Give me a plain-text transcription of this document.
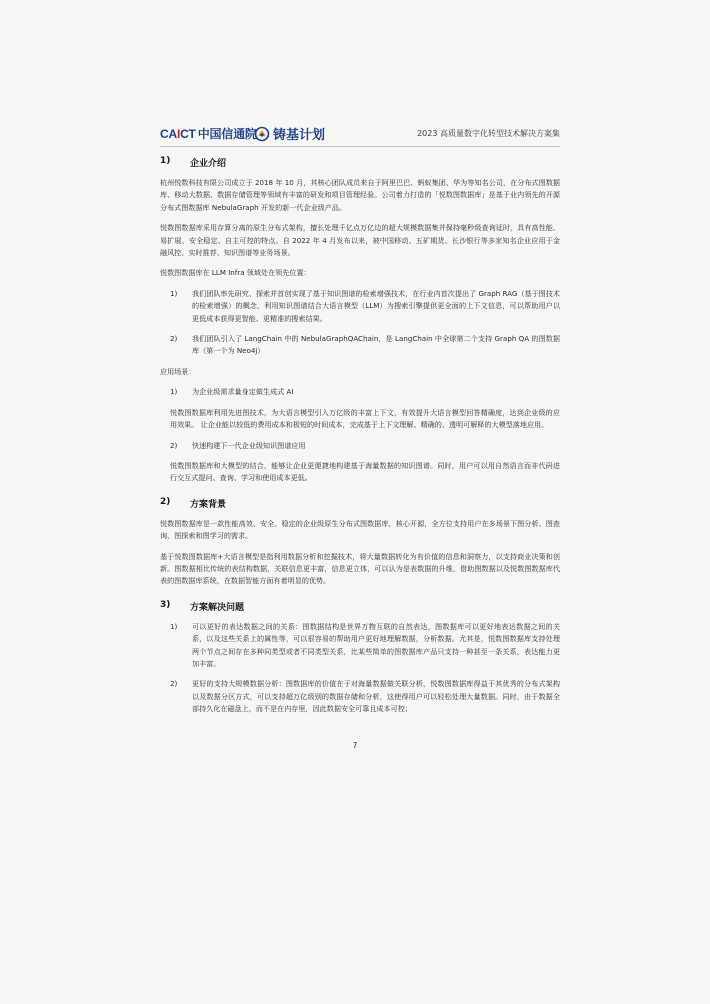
CAICT 中国信通院	铸基计划	2023 高质量数字化转型技术解决方案集
1)	企业介绍

杭州悦数科技有限公司成立于 2018 年 10 月，其核心团队成员来自于阿里巴巴、蚂蚁集团、华为等知名公司，在分布式图数据库、移动大数据、数据存储管理等领域有丰富的研发和项目管理经验。公司着力打造的「悦数图数据库」是基于业内领先的开源分布式图数据库 NebulaGraph 开发的新一代企业级产品。

悦数图数据库采用存算分离的原生分布式架构，擅长处理千亿点万亿边的超大规模数据集并保持毫秒级查询延时，具有高性能、易扩展、安全稳定、自主可控的特点。自 2022 年 4 月发布以来，被中国移动、五矿期货、长沙银行等多家知名企业应用于金融风控、实时推荐、知识图谱等业务场景。

悦数图数据库在 LLM Infra 领域处在领先位置：

1)	我们团队率先研究、探索并首创实现了基于知识图谱的检索增强技术，在行业内首次提出了 Graph RAG（基于图技术的检索增强）的概念，利用知识图谱结合大语言模型（LLM）为搜索引擎提供更全面的上下文信息，可以帮助用户以更低成本获得更智能、更精准的搜索结果。
2)	我们团队引入了 LangChain 中的 NebulaGraphQAChain，是 LangChain 中全球第二个支持 Graph QA 的图数据库（第一个为 Neo4j）

应用场景：

1)	为企业级需求量身定做生成式 AI

悦数图数据库利用先进图技术，为大语言模型引入万亿级的丰富上下文，有效提升大语言模型回答精确度，达到企业级的应用效果。 让企业能以较低的费用成本和极短的时间成本，完成基于上下文理解、精确的、透明可解释的大模型落地应用。

2)	快速构建下一代企业级知识图谱应用

悦数图数据库和大模型的结合，能够让企业更便捷地构建基于海量数据的知识图谱。同时，用户可以用自然语言而非代码进行交互式提问、查询、学习和使用成本更低。

2)	方案背景

悦数图数据库是一款性能高效、安全、稳定的企业级原生分布式图数据库，核心开源，全方位支持用户在多场景下图分析、图查询、图探索和图学习的需求。

基于悦数图数据库+大语言模型是指利用数据分析和挖掘技术，将大量数据转化为有价值的信息和洞察力，以支持商业决策和创新。图数据相比传统的表结构数据，关联信息更丰富，信息更立体，可以认为是表数据的升维，借助图数据以及悦数图数据库代表的图数据库系统，在数据智能方面有着明显的优势。

3)	方案解决问题
1)	可以更好的表达数据之间的关系：图数据结构是世界万物互联的自然表达，图数据库可以更好地表达数据之间的关系，以及这些关系上的属性等，可以很容易的帮助用户更好地理解数据，分析数据。尤其是，悦数图数据库支持处理两个节点之间存在多种同类型或者不同类型关系，比某些简单的图数据库产品只支持一种甚至一条关系，表达能力更加丰富。
2)	更好的支持大规模数据分析：图数据库的价值在于对海量数据做关联分析，悦数图数据库得益于其优秀的分布式架构以及数据分区方式，可以支持超万亿级别的数据存储和分析，这使得用户可以轻松处理大量数据。同时，由于数据全部持久化在磁盘上，而不是在内存里，因此数据安全可靠且成本可控；
7
